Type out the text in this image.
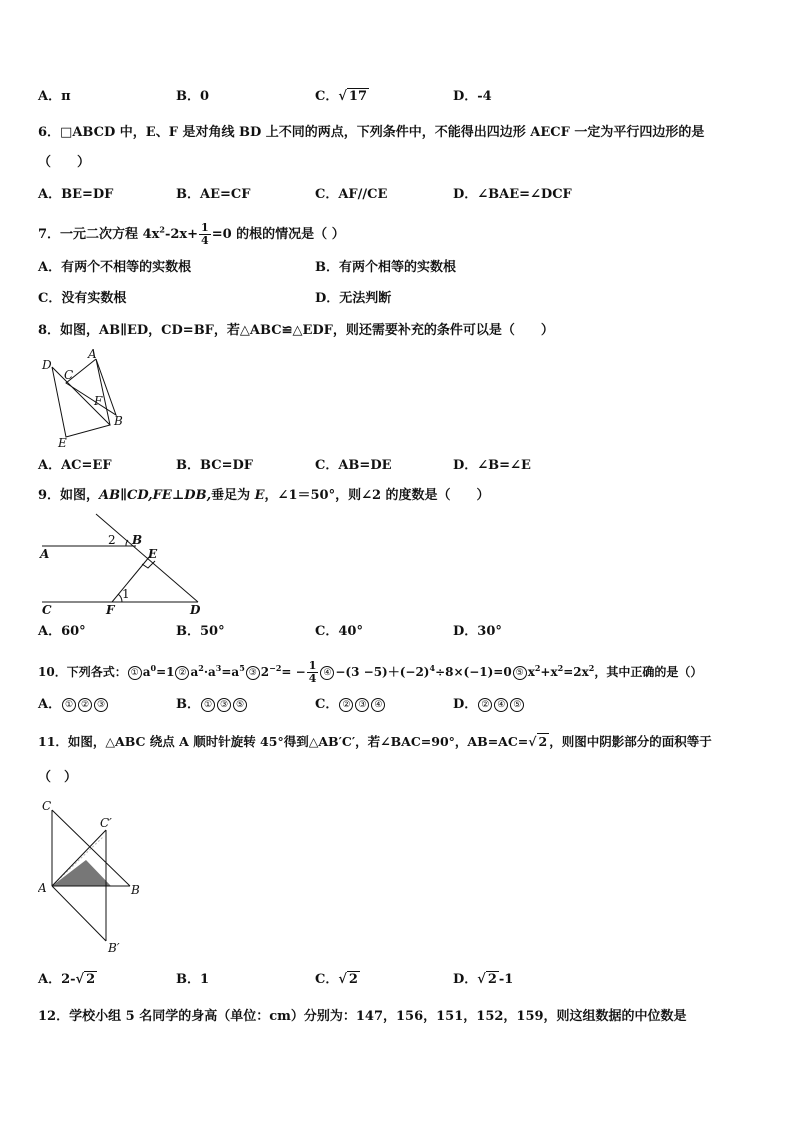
A．π	B．0	C．√ 17	D．-4
6．□ABCD 中，E、F 是对角线 BD 上不同的两点，下列条件中，不能得出四边形 AECF 一定为平行四边形的是
（　　）
A．BE=DF	B．AE=CF	C．AF//CE	D．∠BAE=∠DCF
7．一元二次方程 $4x^2-2x+ \frac{1}{4} =0$ 的根的情况是（ ）
A．有两个不相等的实数根	B．有两个相等的实数根
C．没有实数根	D．无法判断
8．如图，AB∥ED，CD=BF，若△ABC≌△EDF，则还需要补充的条件可以是（　　）
D
C
A
F
B
E
A．AC=EF	B．BC=DF	C．AB=DE	D．∠B=∠E
9．如图，AB∥CD,FE⊥DB,垂足为 E，∠1＝50°，则∠2 的度数是（　　）
A
B
E
C	F	D
1
2
A．60°	B．50°	C．40°	D．30°
10．下列各式： ① $a^0=1$ ② $a^2\cdot a^3=a^5$ ③ $2^{-2}= - \frac{1}{4}$ ④ $-(3 -5)+(-2)^4\div 8\times(-1)=0$ ⑤ $x^2+x^2=2x^2$，其中正确的是（）
A． ① ② ③	B． ① ③ ⑤	C． ② ③ ④	D． ② ④ ⑤
11．如图，△ABC 绕点 A 顺时针旋转 45°得到△AB′C′，若∠BAC=90°，AB=AC=√ 2 ，则图中阴影部分的面积等于
（　）
C
C′
A	B
B′
A．2-√ 2	B．1	C．√ 2	D．√ 2 -1
12．学校小组 5 名同学的身高（单位：cm）分别为：147，156，151，152，159，则这组数据的中位数是
